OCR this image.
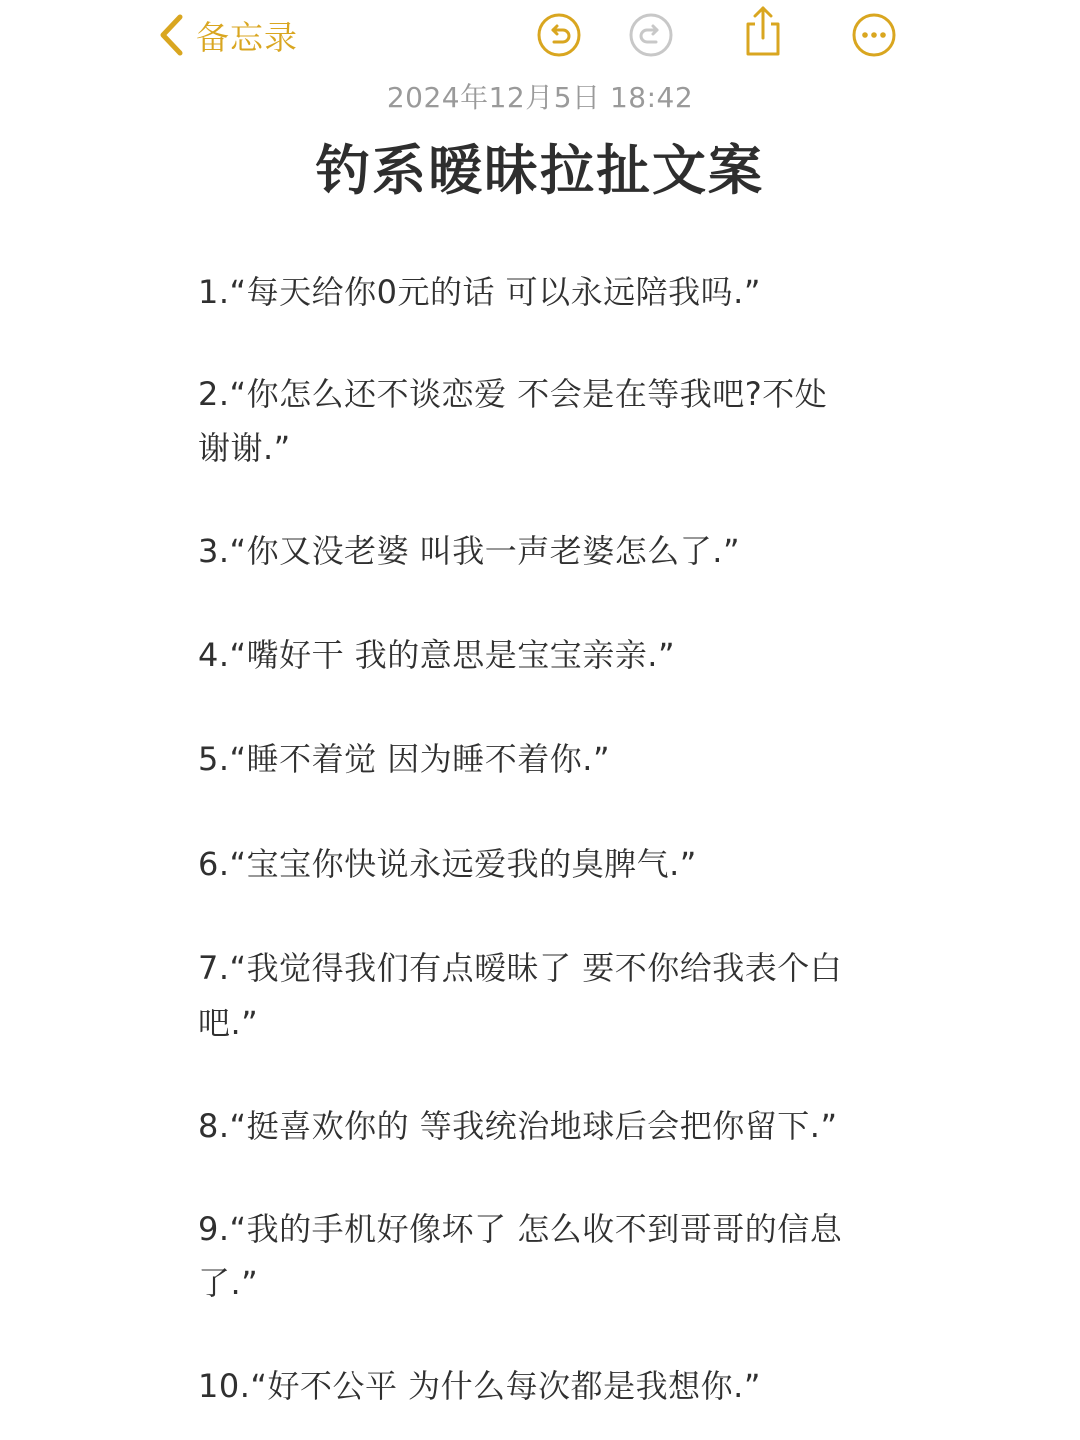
备忘录
2024年12月5日 18:42
钓系暧昧拉扯文案
1.“每天给你0元的话 可以永远陪我吗.”
2.“你怎么还不谈恋爱 不会是在等我吧?不处
谢谢.”
3.“你又没老婆 叫我一声老婆怎么了.”
4.“嘴好干 我的意思是宝宝亲亲.”
5.“睡不着觉 因为睡不着你.”
6.“宝宝你快说永远爱我的臭脾气.”
7.“我觉得我们有点暧昧了 要不你给我表个白
吧.”
8.“挺喜欢你的 等我统治地球后会把你留下.”
9.“我的手机好像坏了 怎么收不到哥哥的信息
了.”
10.“好不公平 为什么每次都是我想你.”
